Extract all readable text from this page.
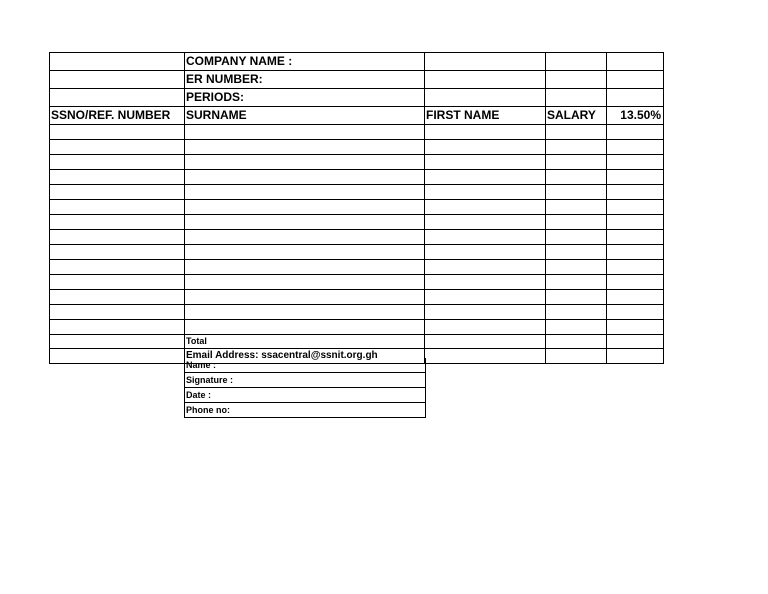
	COMPANY NAME :			
	ER NUMBER:			
	PERIODS:			
SSNO/REF. NUMBER	SURNAME	FIRST NAME	SALARY	13.50%

	Total			
	Email Address: ssacentral@ssnit.org.gh			
Name :
Signature :
Date :
Phone no:
